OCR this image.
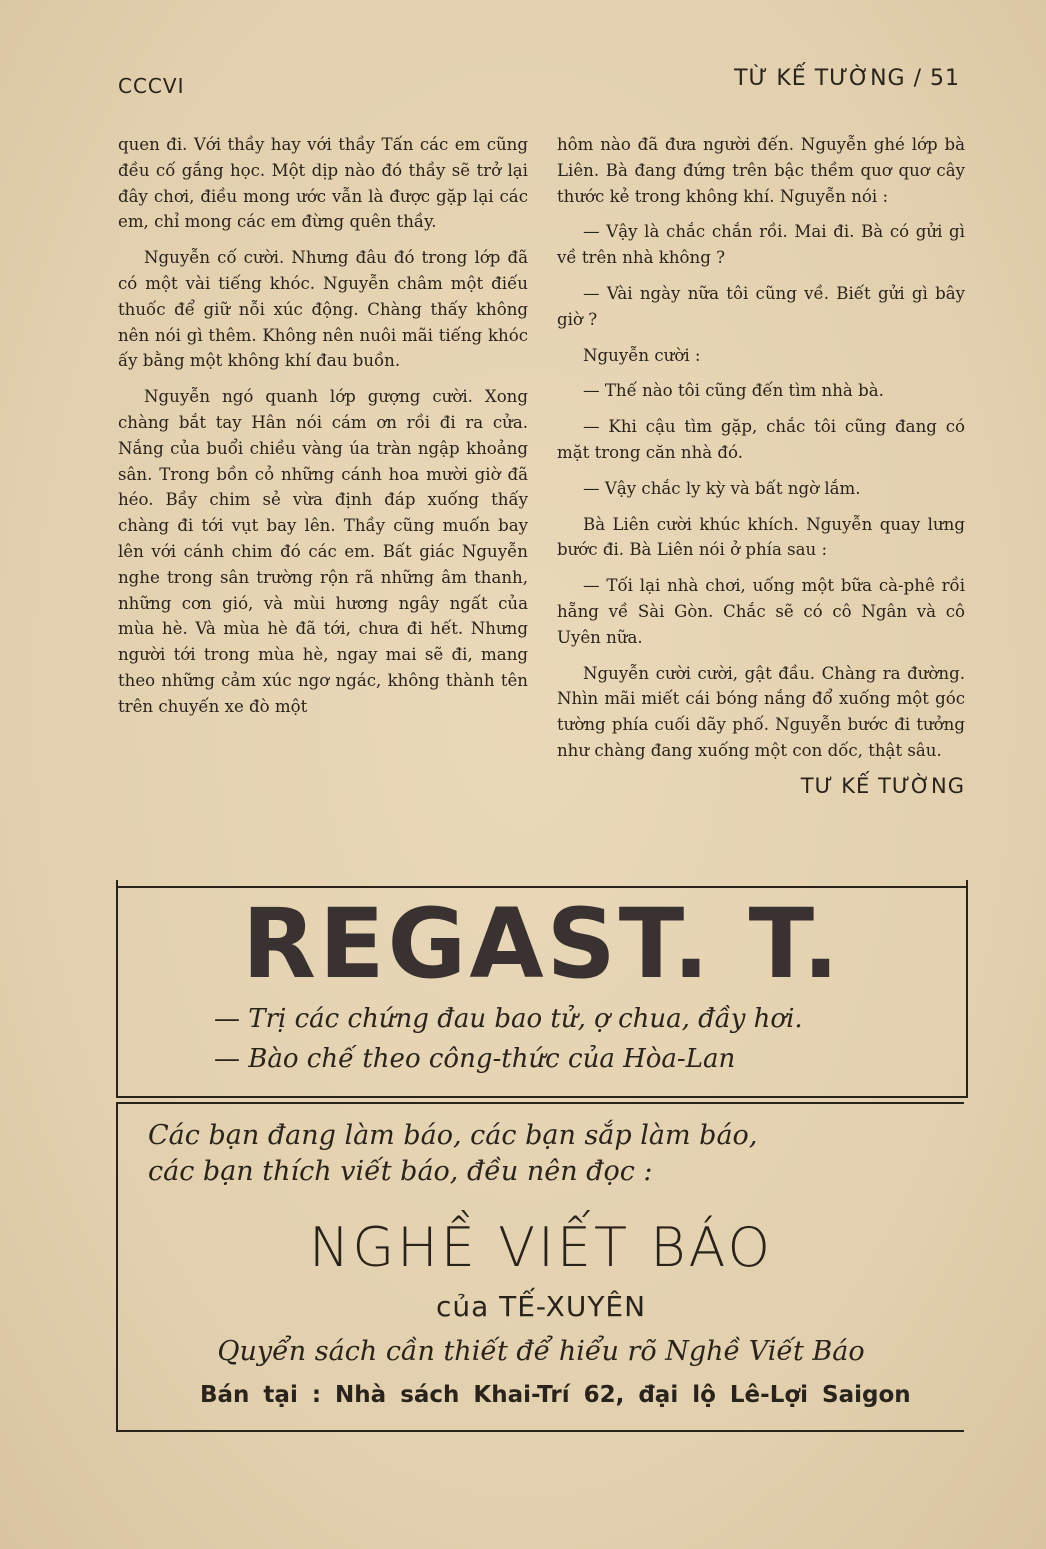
CCCVI	TỪ KẾ TƯỜNG / 51

quen đi. Với thầy hay với thầy Tấn các em cũng đều cố gắng học. Một dịp nào đó thầy sẽ trở lại đây chơi, điều mong ước vẫn là được gặp lại các em, chỉ mong các em đừng quên thầy.

Nguyễn cố cười. Nhưng đâu đó trong lớp đã có một vài tiếng khóc. Nguyễn châm một điếu thuốc để giữ nỗi xúc động. Chàng thấy không nên nói gì thêm. Không nên nuôi mãi tiếng khóc ấy bằng một không khí đau buồn.

Nguyễn ngó quanh lớp gượng cười. Xong chàng bắt tay Hân nói cám ơn rồi đi ra cửa. Nắng của buổi chiều vàng úa tràn ngập khoảng sân. Trong bồn cỏ những cánh hoa mười giờ đã héo. Bầy chim sẻ vừa định đáp xuống thấy chàng đi tới vụt bay lên. Thầy cũng muốn bay lên với cánh chim đó các em. Bất giác Nguyễn nghe trong sân trường rộn rã những âm thanh, những cơn gió, và mùi hương ngây ngất của mùa hè. Và mùa hè đã tới, chưa đi hết. Nhưng người tới trong mùa hè, ngay mai sẽ đi, mang theo những cảm xúc ngơ ngác, không thành tên trên chuyến xe đò một

hôm nào đã đưa người đến. Nguyễn ghé lớp bà Liên. Bà đang đứng trên bậc thềm quơ quơ cây thước kẻ trong không khí. Nguyễn nói :

— Vậy là chắc chắn rồi. Mai đi. Bà có gửi gì về trên nhà không ?

— Vài ngày nữa tôi cũng về. Biết gửi gì bây giờ ?

Nguyễn cười :

— Thế nào tôi cũng đến tìm nhà bà.

— Khi cậu tìm gặp, chắc tôi cũng đang có mặt trong căn nhà đó.

— Vậy chắc ly kỳ và bất ngờ lắm.

Bà Liên cười khúc khích. Nguyễn quay lưng bước đi. Bà Liên nói ở phía sau :

— Tối lại nhà chơi, uống một bữa cà-phê rồi hẵng về Sài Gòn. Chắc sẽ có cô Ngân và cô Uyên nữa.

Nguyễn cười cười, gật đầu. Chàng ra đường. Nhìn mãi miết cái bóng nắng đổ xuống một góc tường phía cuối dãy phố. Nguyễn bước đi tưởng như chàng đang xuống một con dốc, thật sâu.

TƯ KẾ TƯỜNG
REGAST. T.
— Trị các chứng đau bao tử, ợ chua, đầy hơi.
— Bào chế theo công-thức của Hòa-Lan
Các bạn đang làm báo, các bạn sắp làm báo,
các bạn thích viết báo, đều nên đọc :
NGHỀ VIẾT BÁO
của TẾ-XUYÊN
Quyển sách cần thiết để hiểu rõ Nghề Viết Báo
Bán tại : Nhà sách Khai-Trí 62, đại lộ Lê-Lợi Saigon
